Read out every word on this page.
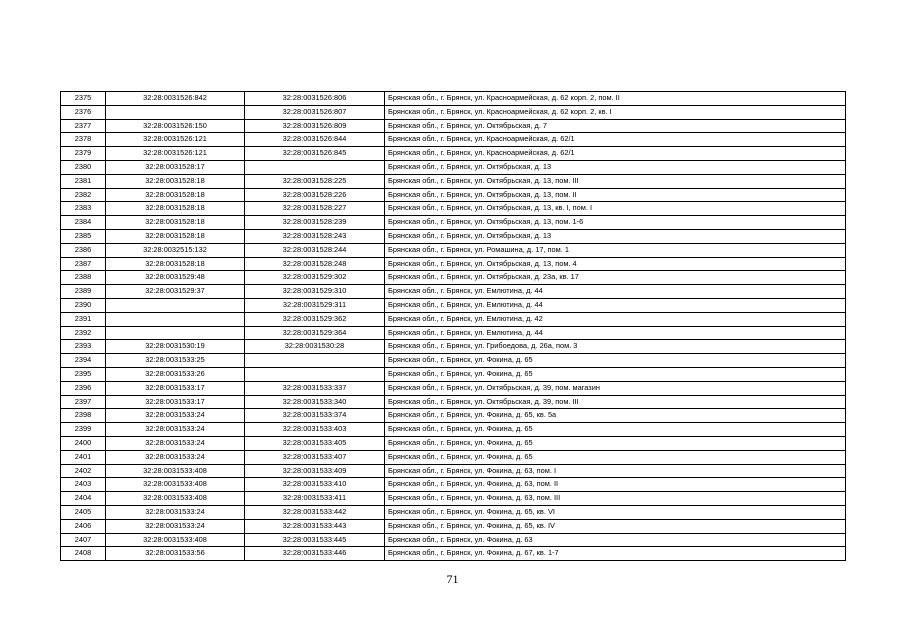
2375	32:28:0031526:842	32:28:0031526:806	Брянская обл., г. Брянск, ул. Красноармейская, д. 62 корп. 2, пом. II
2376		32:28:0031526:807	Брянская обл., г. Брянск, ул. Красноармейская, д. 62 корп. 2, кв. I
2377	32:28:0031526:150	32:28:0031526:809	Брянская обл., г. Брянск, ул. Октябрьская, д. 7
2378	32:28:0031526:121	32:28:0031526:844	Брянская обл., г. Брянск, ул. Красноармейская, д. 62/1
2379	32:28:0031526:121	32:28:0031526:845	Брянская обл., г. Брянск, ул. Красноармейская, д. 62/1
2380	32:28:0031528:17		Брянская обл., г. Брянск, ул. Октябрьская, д. 13
2381	32:28:0031528:18	32:28:0031528:225	Брянская обл., г. Брянск, ул. Октябрьская, д. 13, пом. III
2382	32:28:0031528:18	32:28:0031528:226	Брянская обл., г. Брянск, ул. Октябрьская, д. 13, пом. II
2383	32:28:0031528:18	32:28:0031528:227	Брянская обл., г. Брянск, ул. Октябрьская, д. 13, кв. I, пом. I
2384	32:28:0031528:18	32:28:0031528:239	Брянская обл., г. Брянск, ул. Октябрьская, д. 13, пом. 1-6
2385	32:28:0031528:18	32:28:0031528:243	Брянская обл., г. Брянск, ул. Октябрьская, д. 13
2386	32:28:0032515:132	32:28:0031528:244	Брянская обл., г. Брянск, ул. Ромашина, д. 17, пом. 1
2387	32:28:0031528:18	32:28:0031528:248	Брянская обл., г. Брянск, ул. Октябрьская, д. 13, пом. 4
2388	32:28:0031529:48	32:28:0031529:302	Брянская обл., г. Брянск, ул. Октябрьская, д. 23а, кв. 17
2389	32:28:0031529:37	32:28:0031529:310	Брянская обл., г. Брянск, ул. Емлютина, д. 44
2390		32:28:0031529:311	Брянская обл., г. Брянск, ул. Емлютина, д. 44
2391		32:28:0031529:362	Брянская обл., г. Брянск, ул. Емлютина, д. 42
2392		32:28:0031529:364	Брянская обл., г. Брянск, ул. Емлютина, д. 44
2393	32:28:0031530:19	32:28:0031530:28	Брянская обл., г. Брянск, ул. Грибоедова, д. 26а, пом. 3
2394	32:28:0031533:25		Брянская обл., г. Брянск, ул. Фокина, д. 65
2395	32:28:0031533:26		Брянская обл., г. Брянск, ул. Фокина, д. 65
2396	32:28:0031533:17	32:28:0031533:337	Брянская обл., г. Брянск, ул. Октябрьская, д. 39, пом. магазин
2397	32:28:0031533:17	32:28:0031533:340	Брянская обл., г. Брянск, ул. Октябрьская, д. 39, пом. III
2398	32:28:0031533:24	32:28:0031533:374	Брянская обл., г. Брянск, ул. Фокина, д. 65, кв. 5а
2399	32:28:0031533:24	32:28:0031533:403	Брянская обл., г. Брянск, ул. Фокина, д. 65
2400	32:28:0031533:24	32:28:0031533:405	Брянская обл., г. Брянск, ул. Фокина, д. 65
2401	32:28:0031533:24	32:28:0031533:407	Брянская обл., г. Брянск, ул. Фокина, д. 65
2402	32:28:0031533:408	32:28:0031533:409	Брянская обл., г. Брянск, ул. Фокина, д. 63, пом. I
2403	32:28:0031533:408	32:28:0031533:410	Брянская обл., г. Брянск, ул. Фокина, д. 63, пом. II
2404	32:28:0031533:408	32:28:0031533:411	Брянская обл., г. Брянск, ул. Фокина, д. 63, пом. III
2405	32:28:0031533:24	32:28:0031533:442	Брянская обл., г. Брянск, ул. Фокина, д. 65, кв. VI
2406	32:28:0031533:24	32:28:0031533:443	Брянская обл., г. Брянск, ул. Фокина, д. 65, кв. IV
2407	32:28:0031533:408	32:28:0031533:445	Брянская обл., г. Брянск, ул. Фокина, д. 63
2408	32:28:0031533:56	32:28:0031533:446	Брянская обл., г. Брянск, ул. Фокина, д. 67, кв. 1-7
71
